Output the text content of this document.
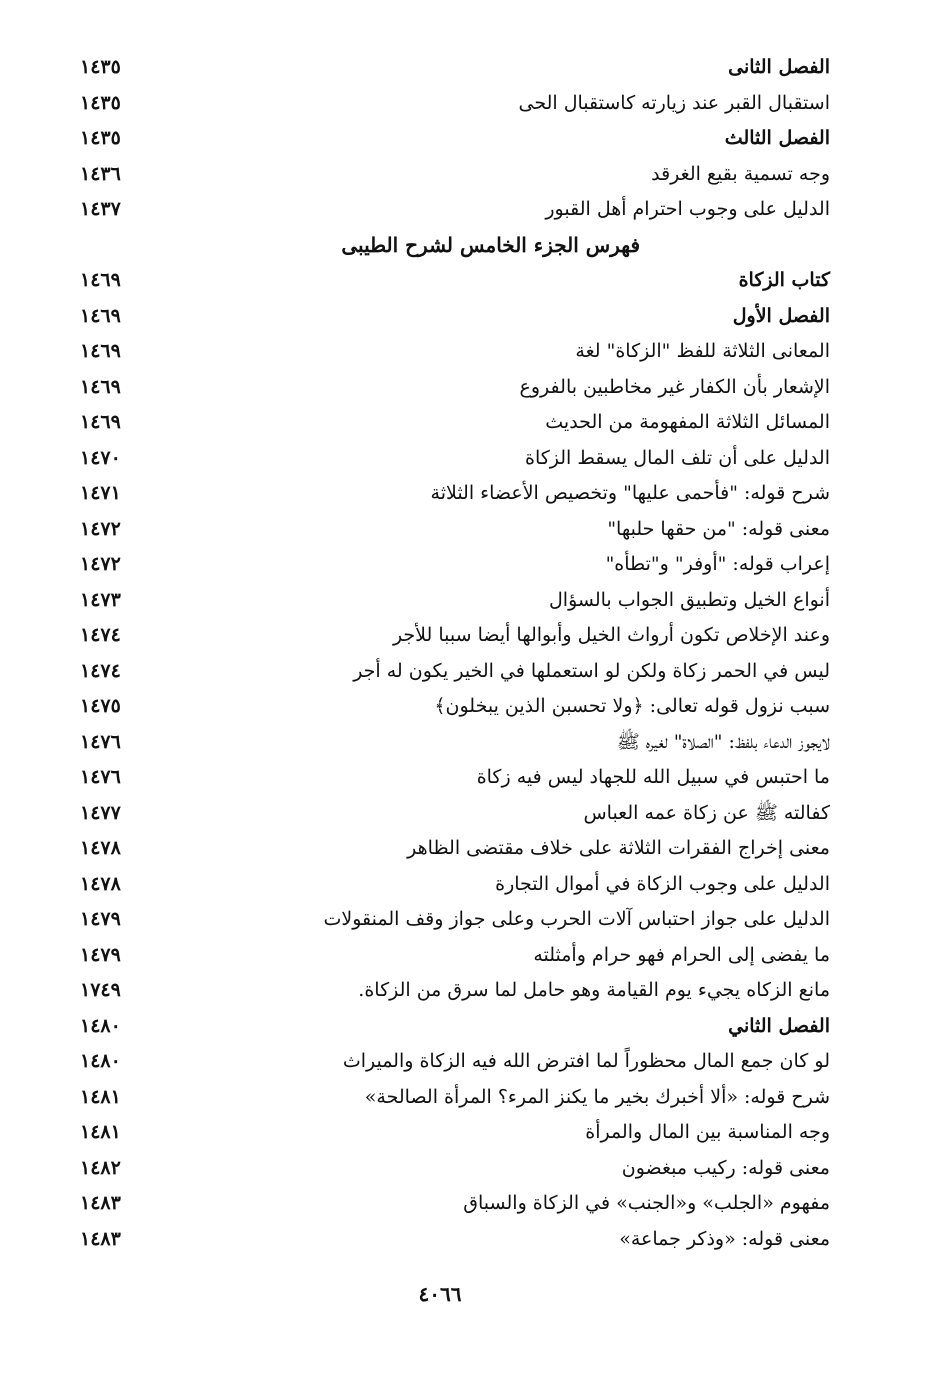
الفصل الثانى
١٤٣٥
استقبال القبر عند زيارته كاستقبال الحى
١٤٣٥
الفصل الثالث
١٤٣٥
وجه تسمية بقيع الغرقد
١٤٣٦
الدليل على وجوب احترام أهل القبور
١٤٣٧
فهرس الجزء الخامس لشرح الطيبى
كتاب الزكاة
١٤٦٩
الفصل الأول
١٤٦٩
المعانى الثلاثة للفظ "الزكاة" لغة
١٤٦٩
الإشعار بأن الكفار غير مخاطبين بالفروع
١٤٦٩
المسائل الثلاثة المفهومة من الحديث
١٤٦٩
الدليل على أن تلف المال يسقط الزكاة
١٤٧٠
شرح قوله: "فأحمى عليها" وتخصيص الأعضاء الثلاثة
١٤٧١
معنى قوله: "من حقها حلبها"
١٤٧٢
إعراب قوله: "أوفر" و"تطأه"
١٤٧٢
أنواع الخيل وتطبيق الجواب بالسؤال
١٤٧٣
وعند الإخلاص تكون أرواث الخيل وأبوالها أيضا سببا للأجر
١٤٧٤
ليس في الحمر زكاة ولكن لو استعملها في الخير يكون له أجر
١٤٧٤
سبب نزول قوله تعالى: ﴿ولا تحسبن الذين يبخلون﴾
١٤٧٥
لايجوز الدعاء بلفظ: "الصلاة" لغيره ﷺ
١٤٧٦
ما احتبس في سبيل الله للجهاد ليس فيه زكاة
١٤٧٦
كفالته ﷺ عن زكاة عمه العباس
١٤٧٧
معنى إخراج الفقرات الثلاثة على خلاف مقتضى الظاهر
١٤٧٨
الدليل على وجوب الزكاة في أموال التجارة
١٤٧٨
الدليل على جواز احتباس آلات الحرب وعلى جواز وقف المنقولات
١٤٧٩
ما يفضى إلى الحرام فهو حرام وأمثلته
١٤٧٩
مانع الزكاه يجيء يوم القيامة وهو حامل لما سرق من الزكاة.
١٧٤٩
الفصل الثاني
١٤٨٠
لو كان جمع المال محظوراً لما افترض الله فيه الزكاة والميراث
١٤٨٠
شرح قوله: «ألا أخبرك بخير ما يكنز المرء؟ المرأة الصالحة»
١٤٨١
وجه المناسبة بين المال والمرأة
١٤٨١
معنى قوله: ركيب مبغضون
١٤٨٢
مفهوم «الجلب» و«الجنب» في الزكاة والسباق
١٤٨٣
معنى قوله: «وذكر جماعة»
١٤٨٣
٤٠٦٦
